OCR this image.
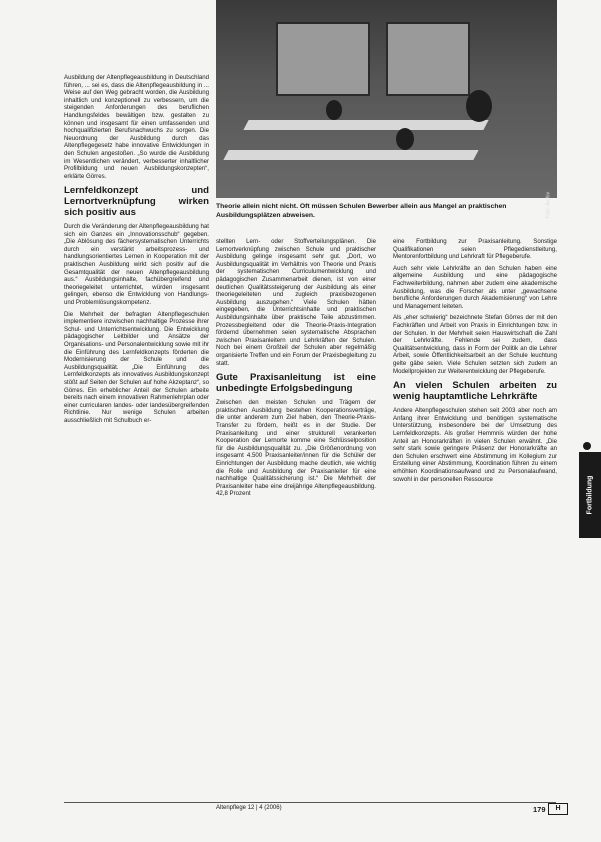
Foto: Archiv
Theorie allein nicht nicht. Oft müssen Schulen Bewerber allein aus Mangel an praktischen Ausbildungsplätzen abweisen.

Ausbildung der Altenpflegeausbildung in Deutschland führen, ... sei es, dass die Altenpflegeausbildung in ... Weise auf den Weg gebracht worden, die Ausbildung inhaltlich und konzeptionell zu verbessern, um die steigenden Anforderungen des beruflichen Handlungsfeldes bewältigen bzw. gestalten zu können und insgesamt für einen umfassenden und hochqualifizierten Berufsnachwuchs zu sorgen. Die Neuordnung der Ausbildung durch das Altenpflegegesetz habe innovative Entwicklungen in den Schulen angestoßen. „So wurde die Ausbildung im Wesentlichen verändert, verbesserter inhaltlicher Profilbildung und neuen Ausbildungskonzepten“, erklärte Görres.

Lernfeldkonzept und Lernortverknüpfung wirken sich positiv aus

Durch die Veränderung der Altenpflegeausbildung hat sich ein Ganzes ein „Innovationsschub“ gegeben. „Die Ablösung des fächersystematischen Unterrichts durch ein verstärkt arbeitsprozess- und handlungsorientiertes Lernen in Kooperation mit der praktischen Ausbildung wirkt sich positiv auf die Gesamtqualität der neuen Altenpflegeausbildung aus.“ Ausbildungsinhalte, fachübergreifend und theoriegeleitet unterrichtet, würden insgesamt gelingen, ebenso die Entwicklung von Handlungs- und Problemlösungskompetenz.

Die Mehrheit der befragten Altenpflegeschulen implementiere inzwischen nachhaltige Prozesse ihrer Schul- und Unterrichtsentwicklung. Die Entwicklung pädagogischer Leitbilder und Ansätze der Organisations- und Personalentwicklung sowie mit ihr die Einführung des Lernfeldkonzepts förderten die Modernisierung der Schule und die Ausbildungsqualität. „Die Einführung des Lernfeldkonzepts als innovatives Ausbildungskonzept stößt auf Seiten der Schulen auf hohe Akzeptanz“, so Görres. Ein erheblicher Anteil der Schulen arbeite bereits nach einem innovativen Rahmenlehrplan oder einer curricularen landes- oder landesübergreifenden Richtlinie. Nur wenige Schulen arbeiten ausschließlich mit Schulbuch er-

stellten Lern- oder Stoffverteilungsplänen. Die Lernortverknüpfung zwischen Schule und praktischer Ausbildung gelinge insgesamt sehr gut. „Dort, wo Ausbildungsqualität im Verhältnis von Theorie und Praxis der systematischen Curriculumentwicklung und pädagogischen Zusammenarbeit dienen, ist von einer deutlichen Qualitätssteigerung der Ausbildung als einer theoriegeleiteten und zugleich praxisbezogenen Ausbildung auszugehen.“ Viele Schulen hätten eingegeben, die Unterrichtsinhalte und praktischen Ausbildungsinhalte über praktische Teile abzustimmen. Prozessbegleitend oder die Theorie-Praxis-Integration fördernd übernehmen seien systematische Absprachen zwischen Praxisanleitern und Lehrkräften der Schulen. Noch bei einem Großteil der Schulen aber regelmäßig organisierte Treffen und ein Forum der Praxisbegleitung zu statt.

Gute Praxisanleitung ist eine unbedingte Erfolgsbedingung

Zwischen den meisten Schulen und Trägern der praktischen Ausbildung bestehen Kooperationsverträge, die unter anderem zum Ziel haben, den Theorie-Praxis-Transfer zu fördern, heißt es in der Studie. Der Praxisanleitung und einer strukturell verankerten Kooperation der Lernorte komme eine Schlüsselposition für die Ausbildungsqualität zu. „Die Größenordnung von insgesamt 4.500 Praxisanleiter/innen für die Schüler der Einrichtungen der Ausbildung mache deutlich, wie wichtig die Rolle und Ausbildung der Praxisanleiter für eine nachhaltige Qualitätssicherung ist.“ Die Mehrheit der Praxisanleiter habe eine dreijährige Altenpflegeausbildung. 42,8 Prozent

eine Fortbildung zur Praxisanleitung. Sonstige Qualifikationen seien Pflegedienstleitung, Mentorenfortbildung und Lehrkraft für Pflegeberufe.

Auch sehr viele Lehrkräfte an den Schulen haben eine allgemeine Ausbildung und eine pädagogische Fachweiterbildung, nahmen aber zudem eine akademische Ausbildung, was die Forscher als unter „gewachsene berufliche Anforderungen durch Akademisierung“ von Lehre und Management leiteten.

Als „eher schwierig“ bezeichnete Stefan Görres der mit den Fachkräften und Arbeit von Praxis in Einrichtungen bzw. in der Schulen. In der Mehrheit seien Hauswirtschaft die Zahl der Lehrkräfte. Fehlende sei zudem, dass Qualitätsentwicklung, dass in Form der Politik an die Lehrer Arbeit, sowie Öffentlichkeitsarbeit an der Schule leuchtung gelte gäbe seien. Viele Schulen setzten sich zudem an Modellprojekten zur Weiterentwicklung der Pflegeberufe.

An vielen Schulen arbeiten zu wenig hauptamtliche Lehrkräfte

Andere Altenpflegeschulen stehen seit 2003 aber noch am Anfang ihrer Entwicklung und benötigen systematische Unterstützung, insbesondere bei der Umsetzung des Lernfeldkonzepts. Als großer Hemmnis würden der hohe Anteil an Honorarkräften in vielen Schulen erwähnt. „Die sehr stark sowie geringere Präsenz der Honorarkräfte an den Schulen erschwert eine Abstimmung im Kollegium zur Erstellung einer Abstimmung, Koordination führen zu einem erhöhten Koordinationsaufwand und zu Personalaufwand, sowohl in der personellen Ressource	Fortbildung
Altenpflege 12 | 4 (2006)	179	H
